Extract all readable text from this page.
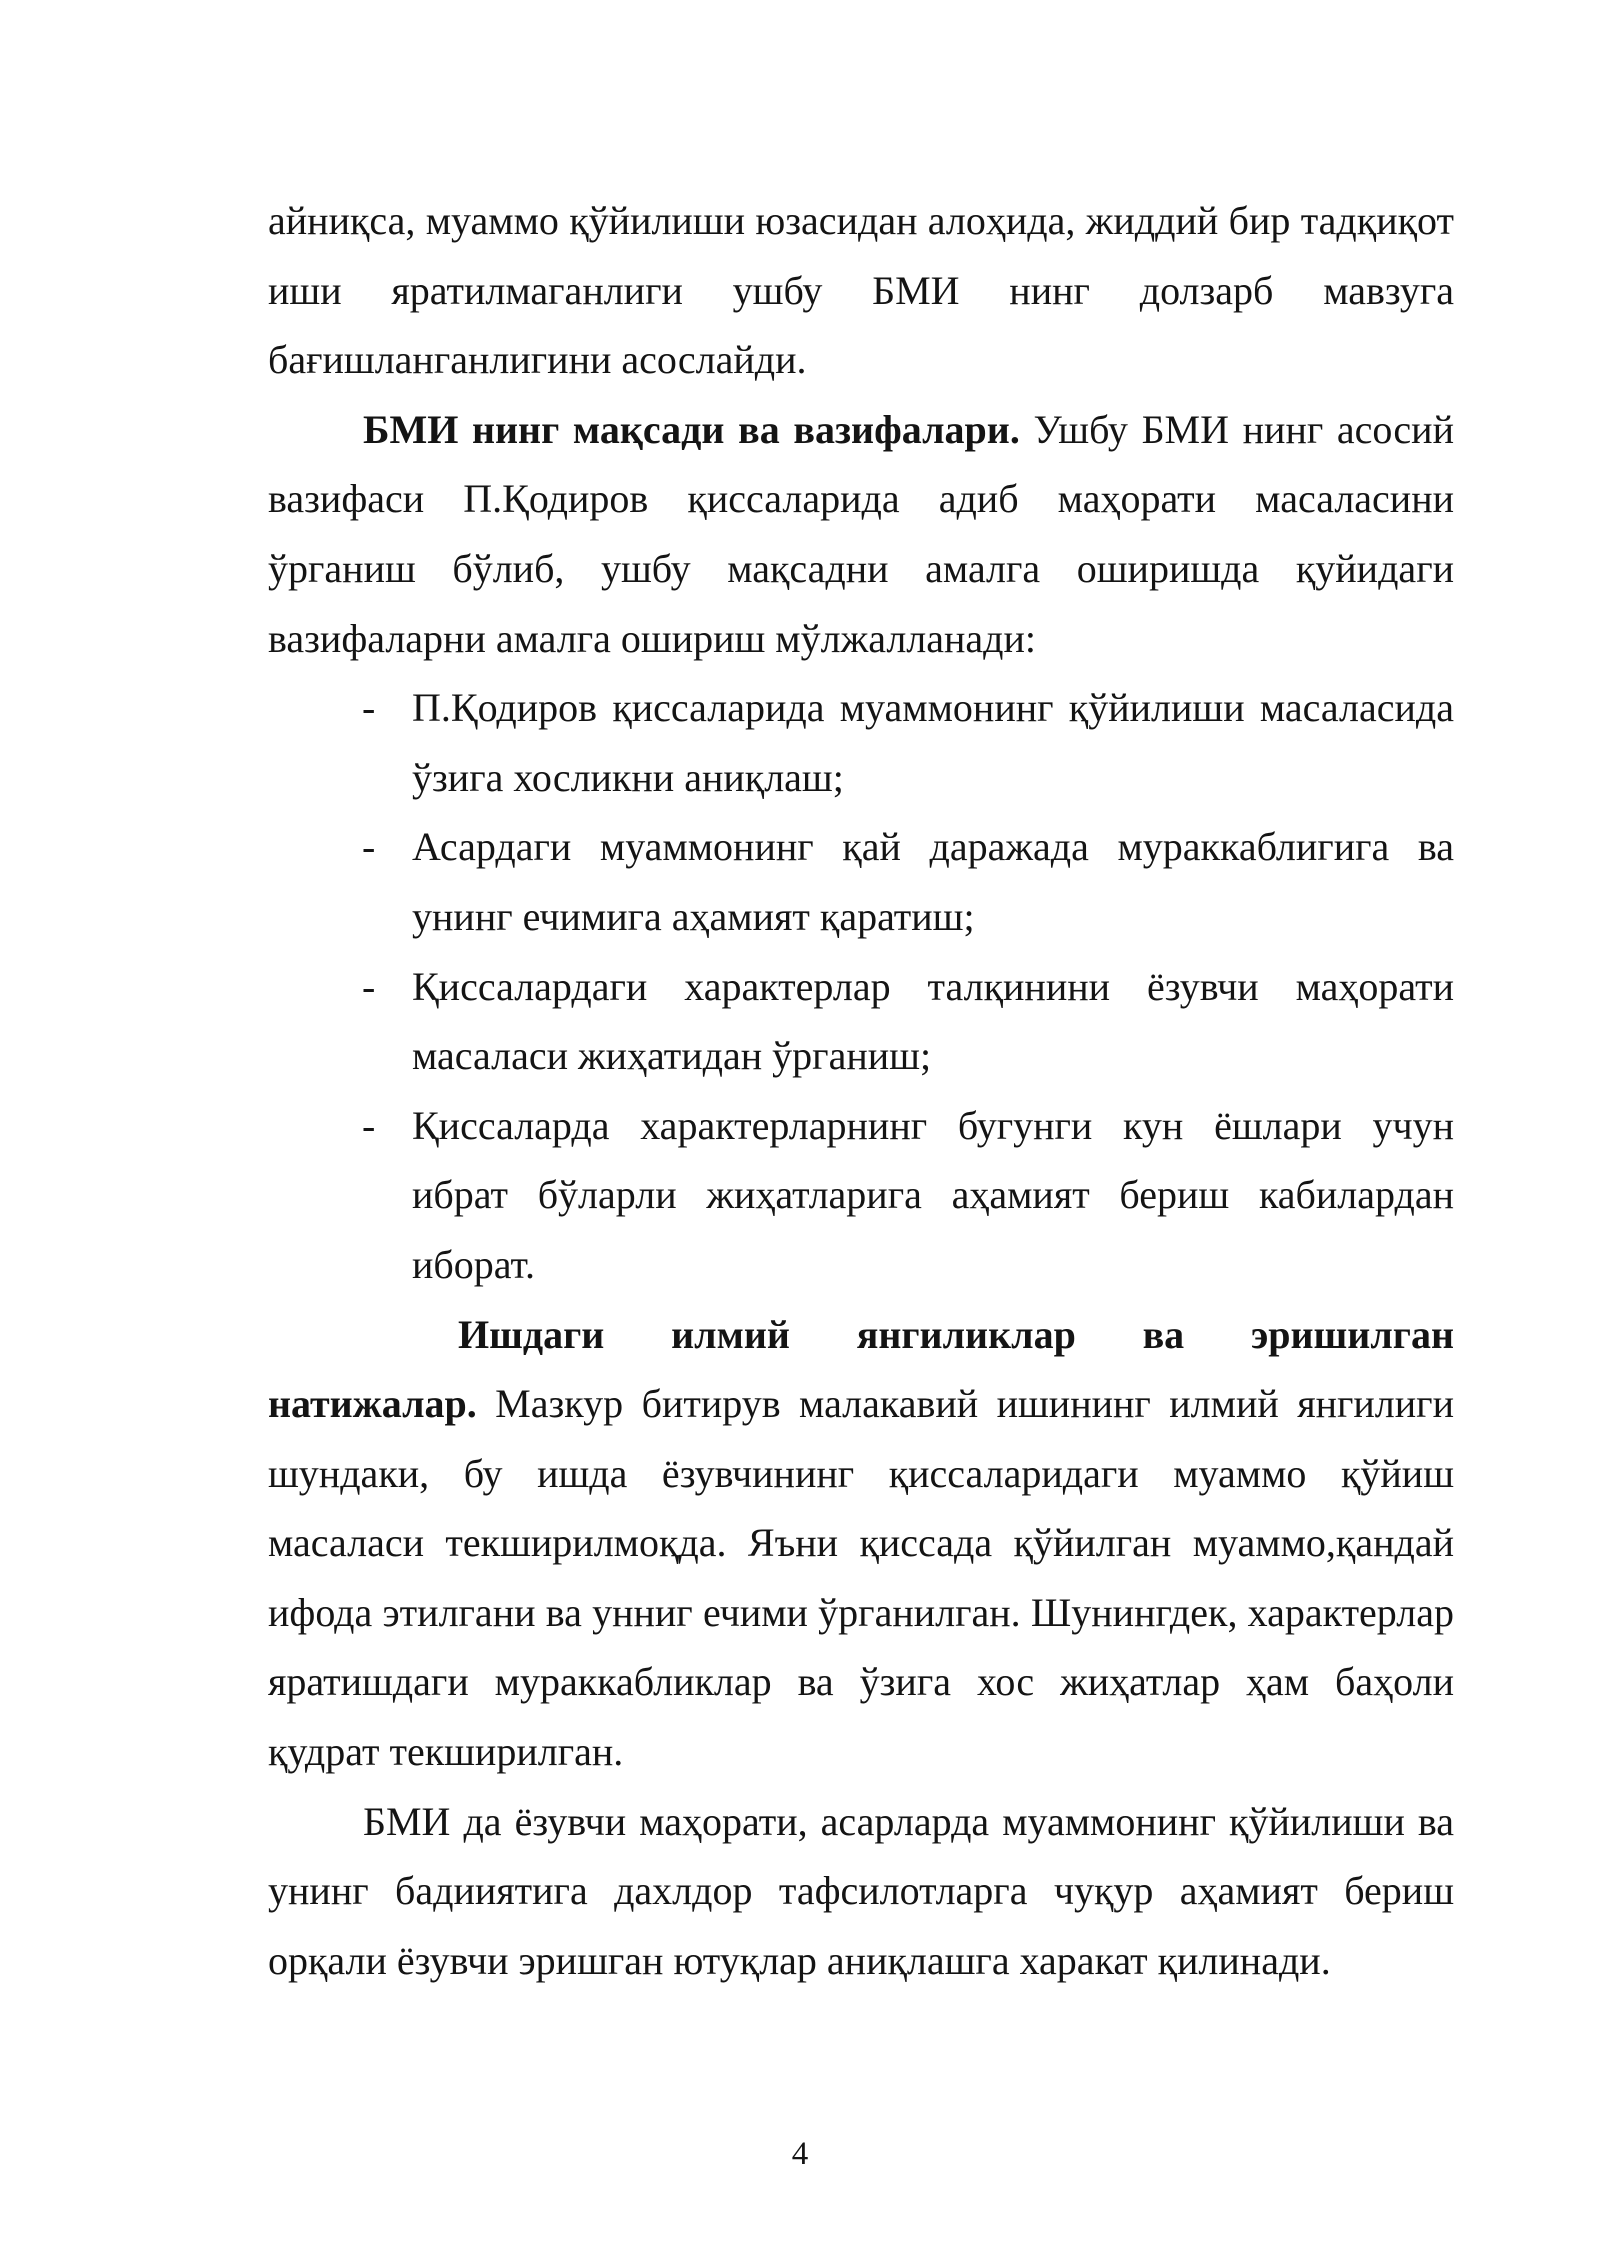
айниқса, муаммо қўйилиши юзасидан алоҳида, жиддий бир тадқиқот иши яратилмаганлиги ушбу БМИ нинг долзарб мавзуга бағишланганлигини асослайди.

БМИ нинг мақсади ва вазифалари. Ушбу БМИ нинг асосий вазифаси П.Қодиров қиссаларида адиб маҳорати масаласини ўрганиш бўлиб, ушбу мақсадни амалга оширишда қуйидаги вазифаларни амалга ошириш мўлжалланади:

- П.Қодиров қиссаларида муаммонинг қўйилиши масаласида ўзига хосликни аниқлаш;
- Асардаги муаммонинг қай даражада мураккаблигига ва унинг ечимига аҳамият қаратиш;
- Қиссалардаги характерлар талқинини ёзувчи маҳорати масаласи жиҳатидан ўрганиш;
- Қиссаларда характерларнинг бугунги кун ёшлари учун ибрат бўларли жиҳатларига аҳамият бериш кабилардан иборат.

Ишдаги илмий янгиликлар ва эришилган

натижалар. Мазкур битирув малакавий ишининг илмий янгилиги шундаки, бу ишда ёзувчининг қиссаларидаги муаммо қўйиш масаласи текширилмоқда. Яъни қиссада қўйилган муаммо,қандай ифода этилгани ва унниг ечими ўрганилган. Шунингдек, характерлар яратишдаги мураккабликлар ва ўзига хос жиҳатлар ҳам баҳоли қудрат текширилган.

БМИ да ёзувчи маҳорати, асарларда муаммонинг қўйилиши ва унинг бадииятига дахлдор тафсилотларга чуқур аҳамият бериш орқали ёзувчи эришган ютуқлар аниқлашга харакат қилинади.

4
